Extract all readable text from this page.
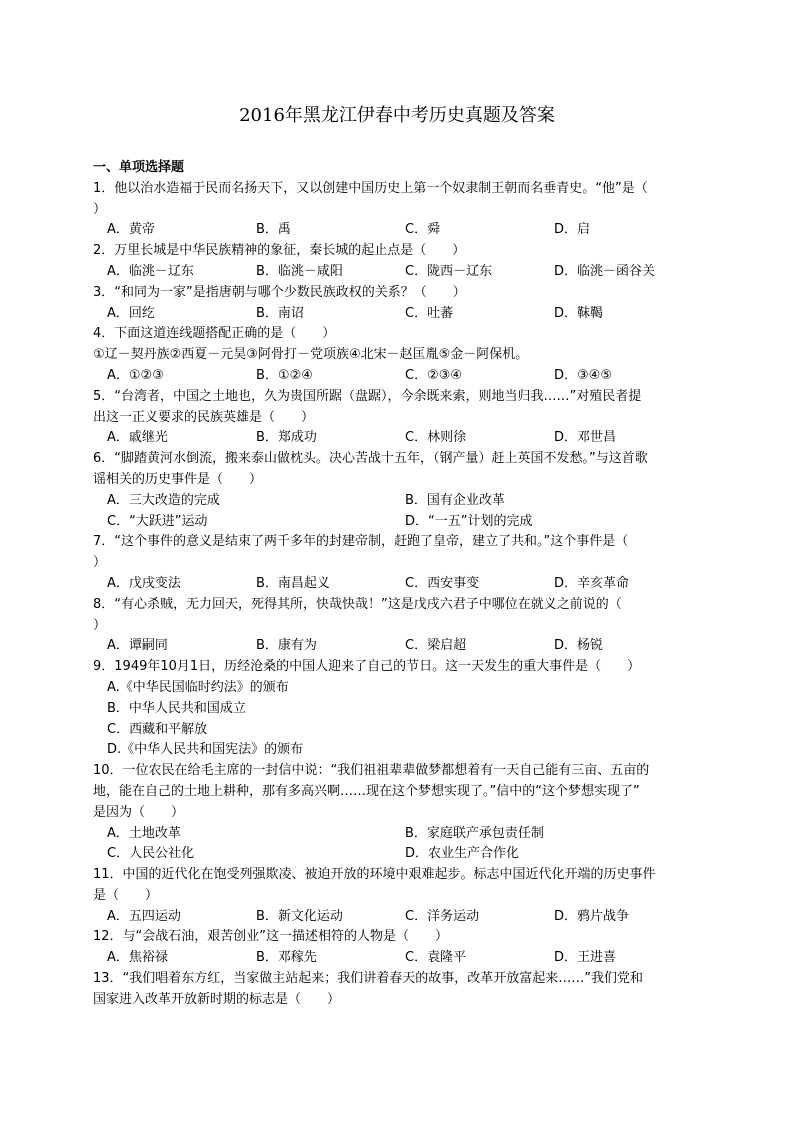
2016年黑龙江伊春中考历史真题及答案
一、单项选择题
1．他以治水造福于民而名扬天下，又以创建中国历史上第一个奴隶制王朝而名垂青史。“他”是（
）
A．黄帝	B．禹	C．舜	D．启
2．万里长城是中华民族精神的象征，秦长城的起止点是（　　）
A．临洮－辽东	B．临洮－咸阳	C．陇西－辽东	D．临洮－函谷关
3．“和同为一家”是指唐朝与哪个少数民族政权的关系？（　　）
A．回纥	B．南诏	C．吐蕃	D．靺鞨
4．下面这道连线题搭配正确的是（　　）
①辽－契丹族②西夏－元昊③阿骨打－党项族④北宋－赵匡胤⑤金－阿保机。
A．①②③	B．①②④	C．②③④	D．③④⑤
5．“台湾者，中国之土地也，久为贵国所踞（盘踞），今余既来索，则地当归我……”对殖民者提
出这一正义要求的民族英雄是（　　）
A．戚继光	B．郑成功	C．林则徐	D．邓世昌
6．“脚踏黄河水倒流，搬来泰山做枕头。决心苦战十五年，（钢产量）赶上英国不发愁。”与这首歌
谣相关的历史事件是（　　）
A．三大改造的完成	B．国有企业改革
C．“大跃进”运动	D．“一五”计划的完成
7．“这个事件的意义是结束了两千多年的封建帝制，赶跑了皇帝，建立了共和。”这个事件是（
）
A．戊戌变法	B．南昌起义	C．西安事变	D．辛亥革命
8．“有心杀贼，无力回天，死得其所，快哉快哉！”这是戊戌六君子中哪位在就义之前说的（
）
A．谭嗣同	B．康有为	C．梁启超	D．杨锐
9．1949年10月1日，历经沧桑的中国人迎来了自己的节日。这一天发生的重大事件是（　　）
A.《中华民国临时约法》的颁布
B．中华人民共和国成立
C．西藏和平解放
D.《中华人民共和国宪法》的颁布
10．一位农民在给毛主席的一封信中说：“我们祖祖辈辈做梦都想着有一天自己能有三亩、五亩的
地，能在自己的土地上耕种，那有多高兴啊……现在这个梦想实现了。”信中的“这个梦想实现了”
是因为（　　）
A．土地改革	B．家庭联产承包责任制
C．人民公社化	D．农业生产合作化
11．中国的近代化在饱受列强欺凌、被迫开放的环境中艰难起步。标志中国近代化开端的历史事件
是（　　）
A．五四运动	B．新文化运动	C．洋务运动	D．鸦片战争
12．与“会战石油，艰苦创业”这一描述相符的人物是（　　）
A．焦裕禄	B．邓稼先	C．袁隆平	D．王进喜
13．“我们唱着东方红，当家做主站起来；我们讲着春天的故事，改革开放富起来……”我们党和
国家进入改革开放新时期的标志是（　　）
